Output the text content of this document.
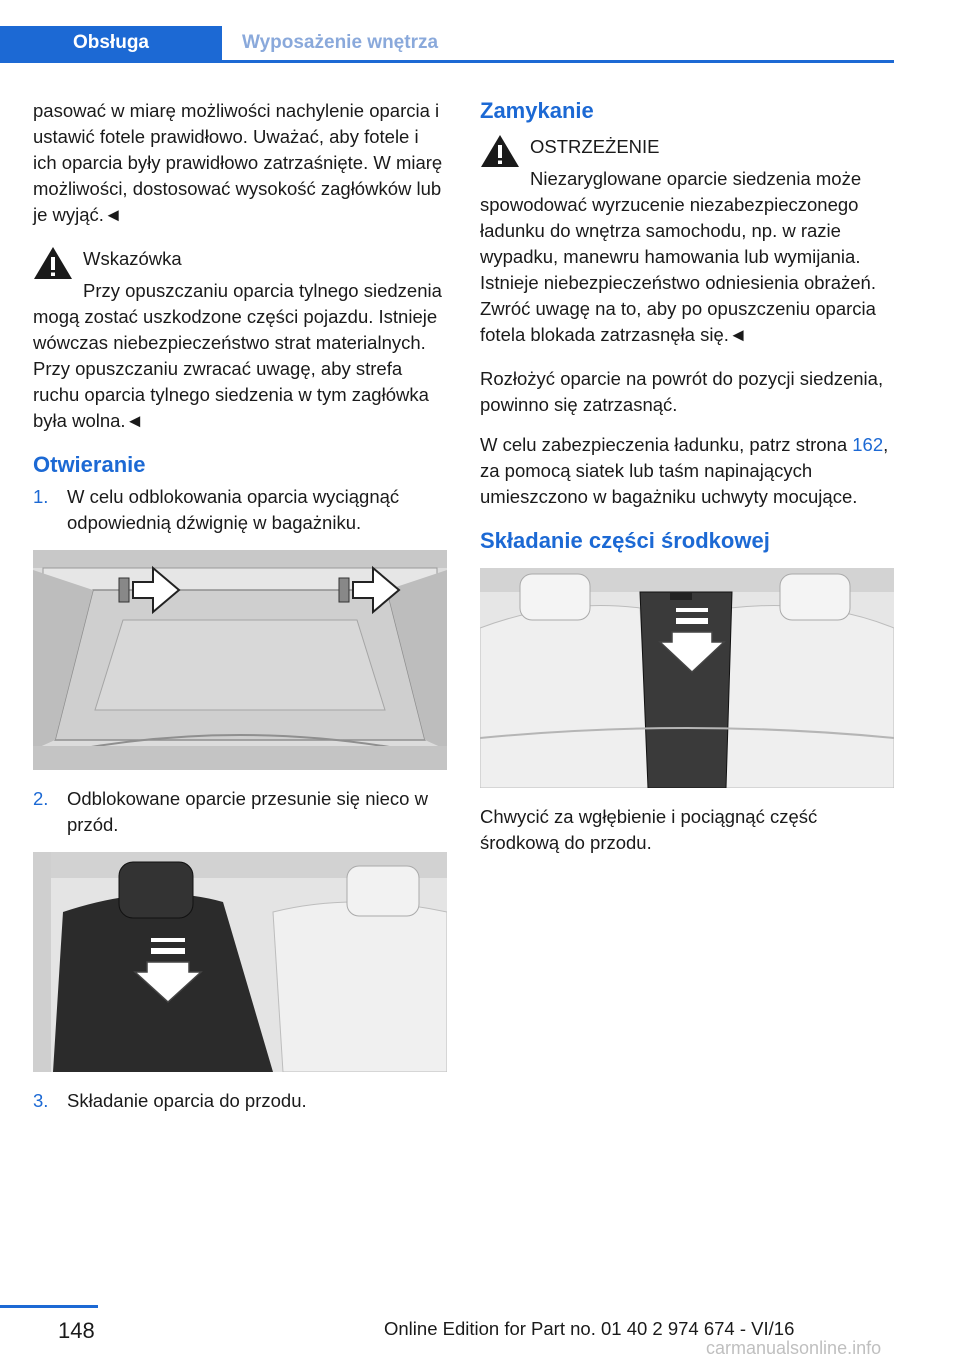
Obsługa	Wyposażenie wnętrza

pasować w miarę możliwości nachylenie oparcia i ustawić fotele prawidłowo. Uważać, aby fotele i ich oparcia były prawidłowo zatrzaśnięte. W miarę możliwości, dostosować wysokość zagłówków lub je wyjąć.◄

Wskazówka
Przy opuszczaniu oparcia tylnego siedzenia mogą zostać uszkodzone części pojazdu. Istnieje wówczas niebezpieczeństwo strat materialnych. Przy opuszczaniu zwracać uwagę, aby strefa ruchu oparcia tylnego siedzenia w tym zagłówka była wolna.◄
Otwieranie
1.	W celu odblokowania oparcia wyciągnąć odpowiednią dźwignię w bagażniku.
2.	Odblokowane oparcie przesunie się nieco w przód.
3.	Składanie oparcia do przodu.
Zamykanie
OSTRZEŻENIE
Niezaryglowane oparcie siedzenia może spowodować wyrzucenie niezabezpieczonego ładunku do wnętrza samochodu, np. w razie wypadku, manewru hamowania lub wymijania. Istnieje niebezpieczeństwo odniesienia obrażeń. Zwróć uwagę na to, aby po opuszczeniu oparcia fotela blokada zatrzasnęła się.◄

Rozłożyć oparcie na powrót do pozycji siedzenia, powinno się zatrzasnąć.

W celu zabezpieczenia ładunku, patrz strona 162, za pomocą siatek lub taśm napinających umieszczono w bagażniku uchwyty mocujące.

Składanie części środkowej

Chwycić za wgłębienie i pociągnąć część środkową do przodu.

148	Online Edition for Part no. 01 40 2 974 674 - VI/16
carmanualsonline.info
